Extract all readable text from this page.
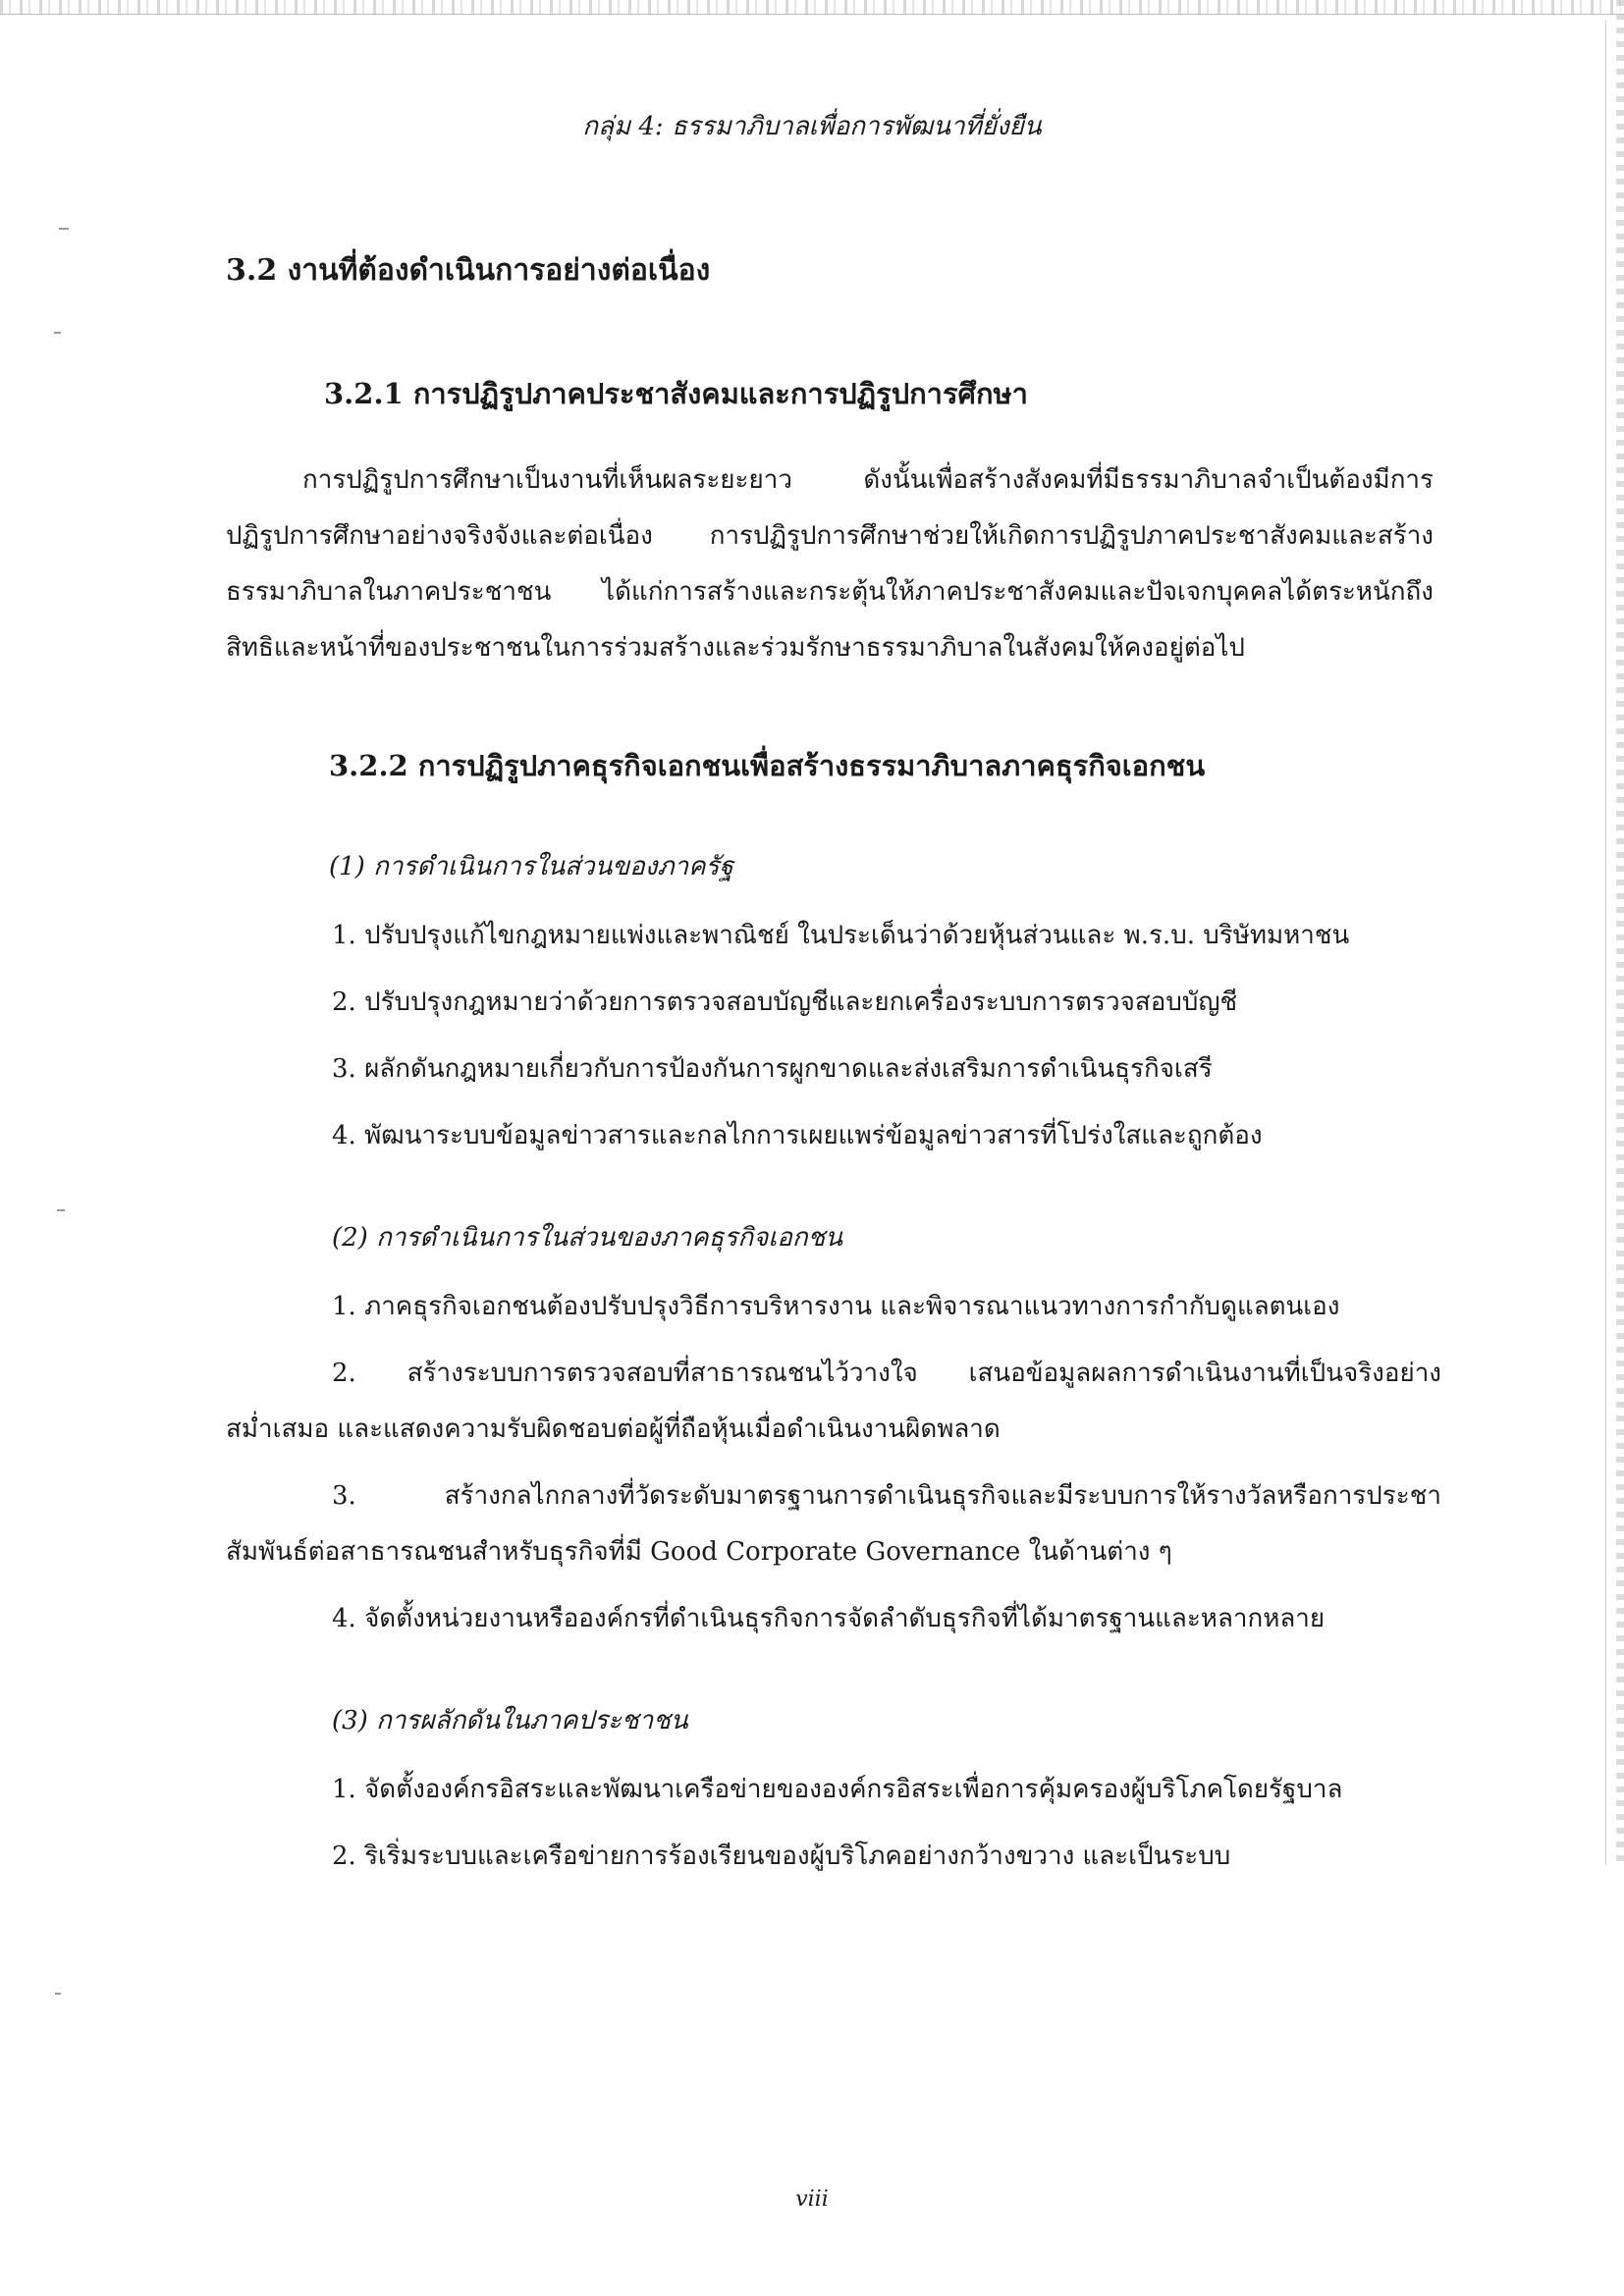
กลุ่ม 4: ธรรมาภิบาลเพื่อการพัฒนาที่ยั่งยืน
3.2 งานที่ต้องดำเนินการอย่างต่อเนื่อง
3.2.1 การปฏิรูปภาคประชาสังคมและการปฏิรูปการศึกษา
การปฏิรูปการศึกษาเป็นงานที่เห็นผลระยะยาว ดังนั้นเพื่อสร้างสังคมที่มีธรรมาภิบาลจำเป็นต้องมีการ
ปฏิรูปการศึกษาอย่างจริงจังและต่อเนื่อง การปฏิรูปการศึกษาช่วยให้เกิดการปฏิรูปภาคประชาสังคมและสร้าง
ธรรมาภิบาลในภาคประชาชน ได้แก่การสร้างและกระตุ้นให้ภาคประชาสังคมและปัจเจกบุคคลได้ตระหนักถึง
สิทธิและหน้าที่ของประชาชนในการร่วมสร้างและร่วมรักษาธรรมาภิบาลในสังคมให้คงอยู่ต่อไป
3.2.2 การปฏิรูปภาคธุรกิจเอกชนเพื่อสร้างธรรมาภิบาลภาคธุรกิจเอกชน
(1) การดำเนินการในส่วนของภาครัฐ
1. ปรับปรุงแก้ไขกฎหมายแพ่งและพาณิชย์ ในประเด็นว่าด้วยหุ้นส่วนและ พ.ร.บ. บริษัทมหาชน
2. ปรับปรุงกฎหมายว่าด้วยการตรวจสอบบัญชีและยกเครื่องระบบการตรวจสอบบัญชี
3. ผลักดันกฎหมายเกี่ยวกับการป้องกันการผูกขาดและส่งเสริมการดำเนินธุรกิจเสรี
4. พัฒนาระบบข้อมูลข่าวสารและกลไกการเผยแพร่ข้อมูลข่าวสารที่โปร่งใสและถูกต้อง
(2) การดำเนินการในส่วนของภาคธุรกิจเอกชน
1. ภาคธุรกิจเอกชนต้องปรับปรุงวิธีการบริหารงาน และพิจารณาแนวทางการกำกับดูแลตนเอง
2. สร้างระบบการตรวจสอบที่สาธารณชนไว้วางใจ เสนอข้อมูลผลการดำเนินงานที่เป็นจริงอย่าง
สม่ำเสมอ และแสดงความรับผิดชอบต่อผู้ที่ถือหุ้นเมื่อดำเนินงานผิดพลาด
3. สร้างกลไกกลางที่วัดระดับมาตรฐานการดำเนินธุรกิจและมีระบบการให้รางวัลหรือการประชา
สัมพันธ์ต่อสาธารณชนสำหรับธุรกิจที่มี Good Corporate Governance ในด้านต่าง ๆ
4. จัดตั้งหน่วยงานหรือองค์กรที่ดำเนินธุรกิจการจัดลำดับธุรกิจที่ได้มาตรฐานและหลากหลาย
(3) การผลักดันในภาคประชาชน
1. จัดตั้งองค์กรอิสระและพัฒนาเครือข่ายขององค์กรอิสระเพื่อการคุ้มครองผู้บริโภคโดยรัฐบาล
2. ริเริ่มระบบและเครือข่ายการร้องเรียนของผู้บริโภคอย่างกว้างขวาง และเป็นระบบ
viii
